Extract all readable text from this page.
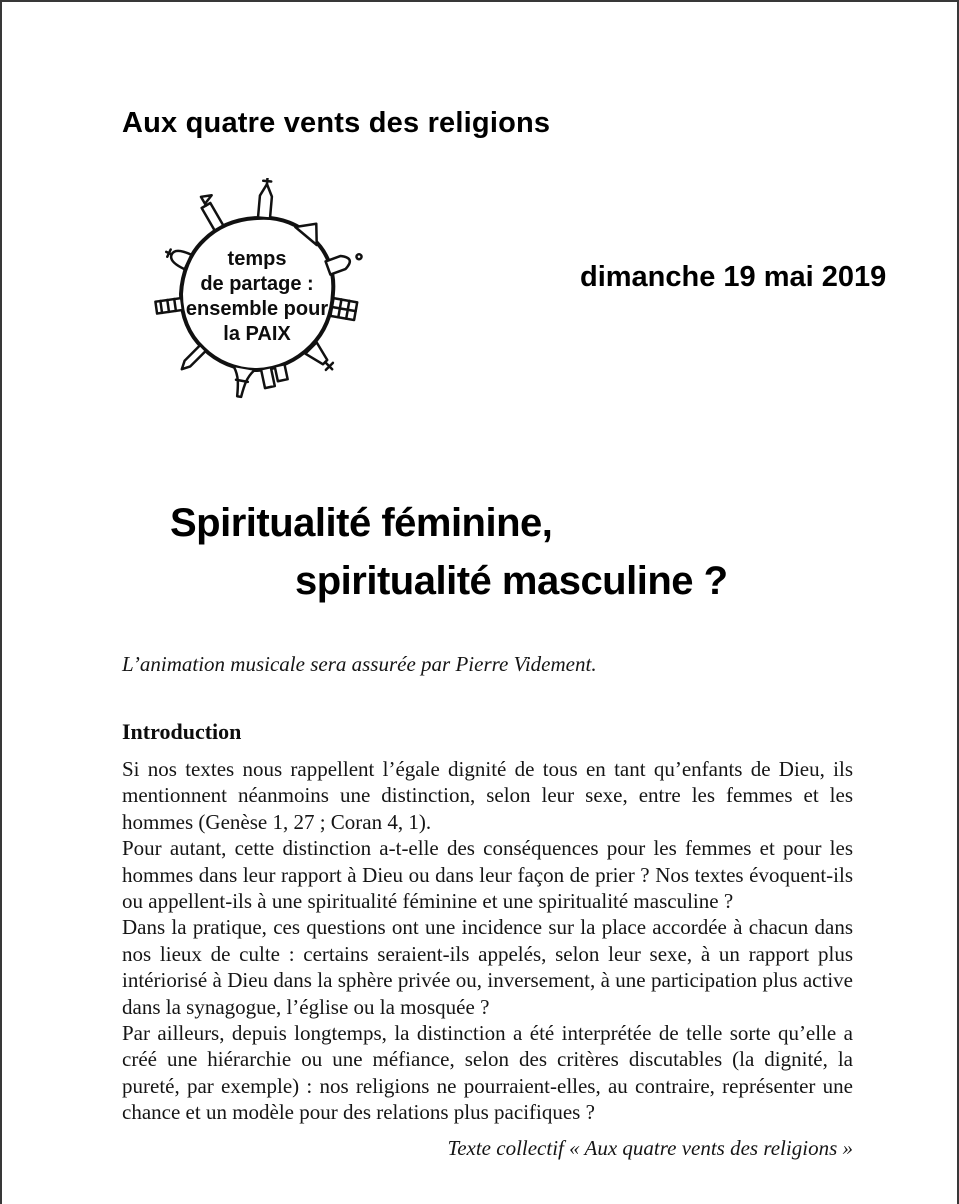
Aux quatre vents des religions
temps
de partage :
ensemble pour
la PAIX
dimanche 19 mai 2019
Spiritualité féminine,
spiritualité masculine ?
L’animation musicale sera assurée par Pierre Videment.
Introduction

Si nos textes nous rappellent l’égale dignité de tous en tant qu’enfants de Dieu, ils mentionnent néanmoins une distinction, selon leur sexe, entre les femmes et les hommes (Genèse 1, 27 ; Coran 4, 1).

Pour autant, cette distinction a-t-elle des conséquences pour les femmes et pour les hommes dans leur rapport à Dieu ou dans leur façon de prier ? Nos textes évoquent-ils ou appellent-ils à une spiritualité féminine et une spiritualité masculine ?

Dans la pratique, ces questions ont une incidence sur la place accordée à chacun dans nos lieux de culte : certains seraient-ils appelés, selon leur sexe, à un rapport plus intériorisé à Dieu dans la sphère privée ou, inversement, à une participation plus active dans la synagogue, l’église ou la mosquée ?

Par ailleurs, depuis longtemps, la distinction a été interprétée de telle sorte qu’elle a créé une hiérarchie ou une méfiance, selon des critères discutables (la dignité, la pureté, par exemple) : nos religions ne pourraient-elles, au contraire, représenter une chance et un modèle pour des relations plus pacifiques ?

Texte collectif « Aux quatre vents des religions »
